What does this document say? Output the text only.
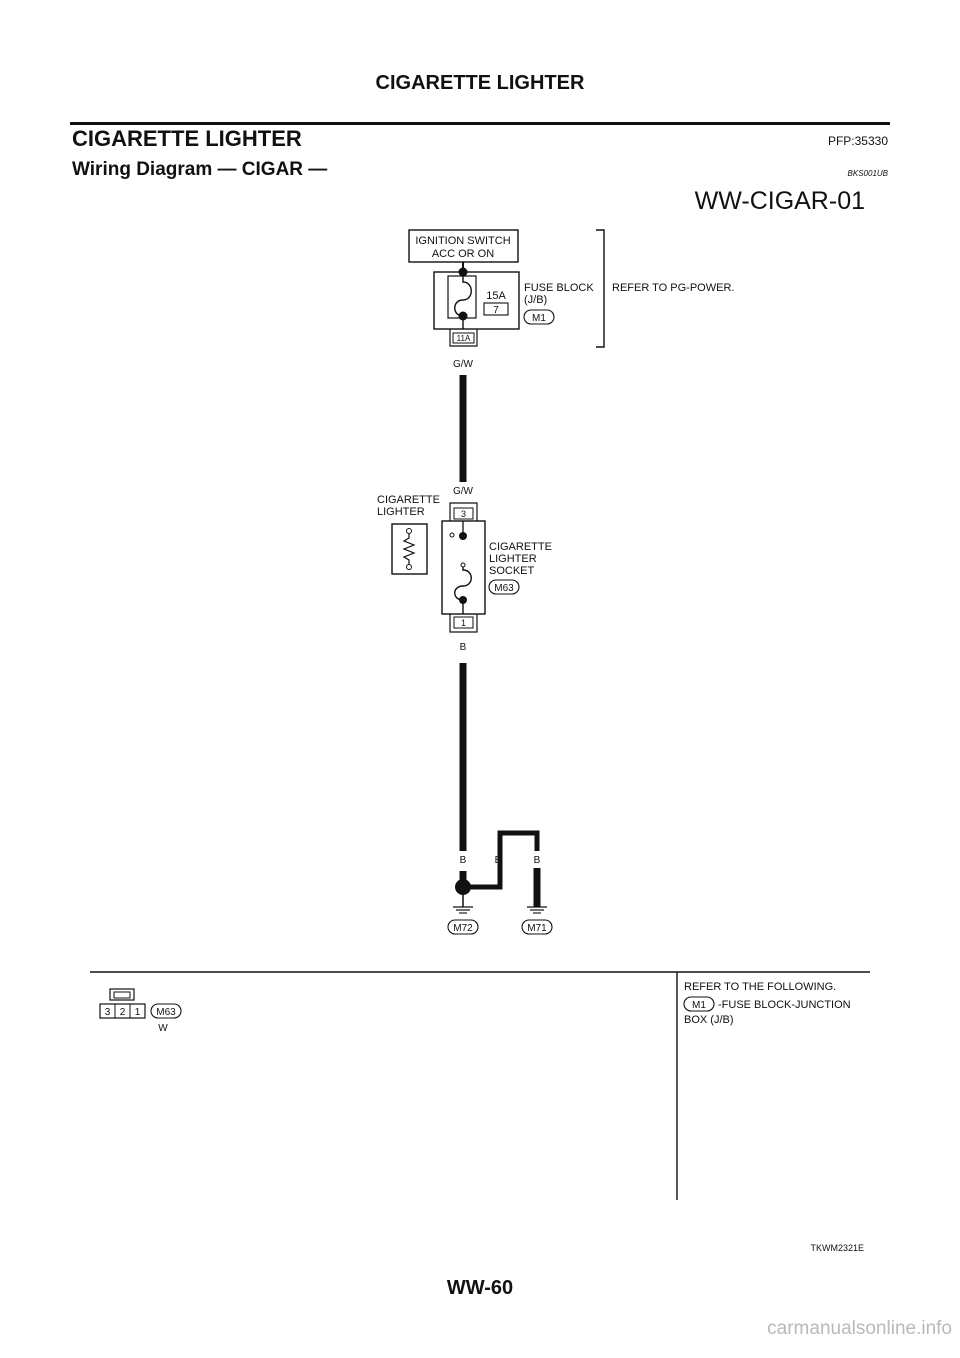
CIGARETTE LIGHTER
CIGARETTE LIGHTER	PFP:35330
Wiring Diagram — CIGAR —	BKS001UB
WW-CIGAR-01
IGNITION SWITCH
ACC OR ON
15A
7
FUSE BLOCK
(J/B)
M1
11A
REFER TO PG-POWER.
G/W
G/W
3
CIGARETTE
LIGHTER
CIGARETTE
LIGHTER
SOCKET
M63
1
B
B	B	B
M72	M71
3 2 1 M63
W
REFER TO THE FOLLOWING.
M1 -FUSE BLOCK-JUNCTION
BOX (J/B)
TKWM2321E
WW-60
carmanualsonline.info
